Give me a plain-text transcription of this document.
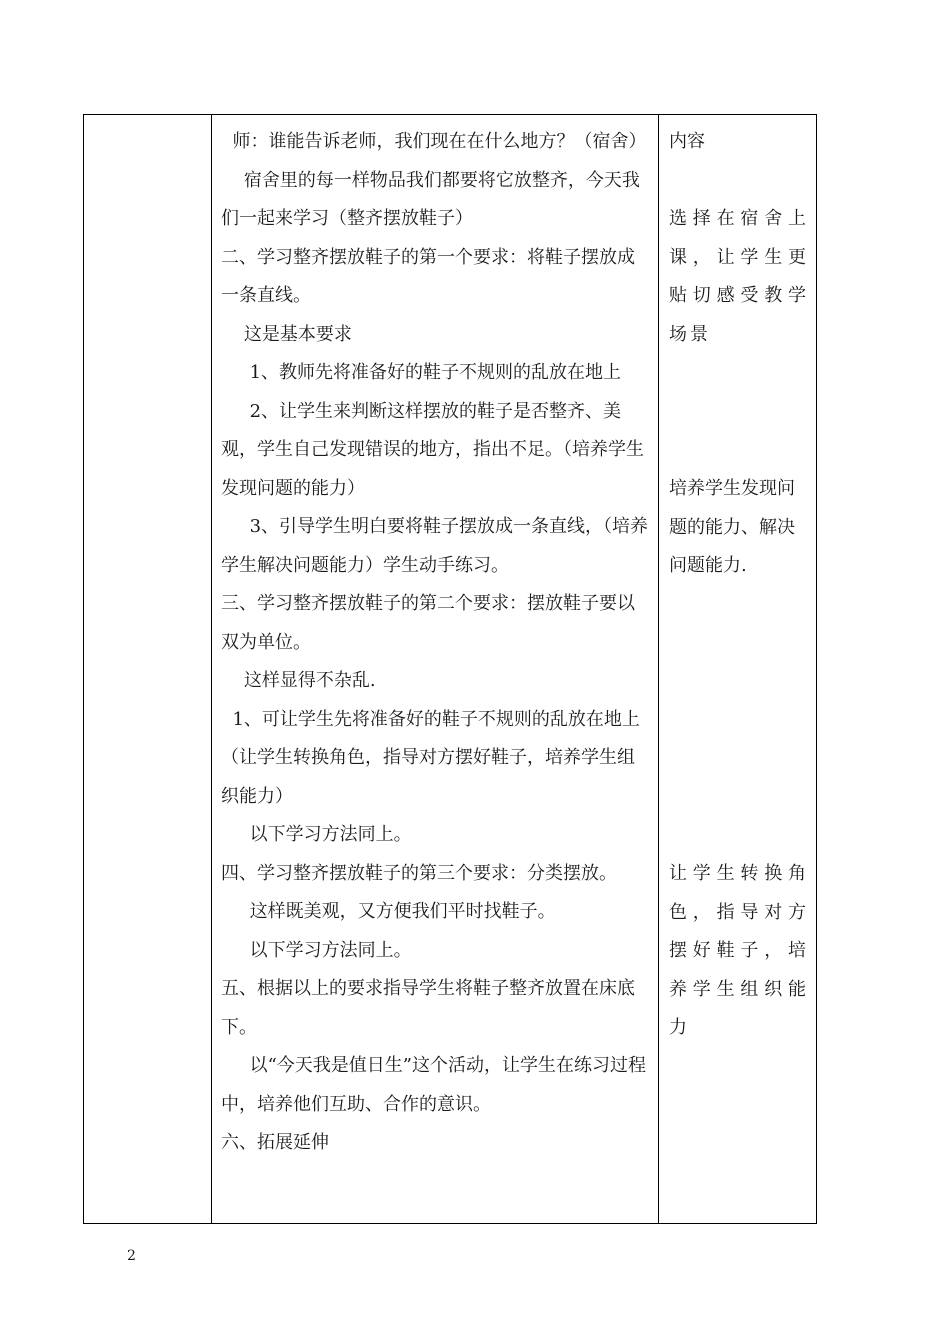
师：谁能告诉老师，我们现在在什么地方？（宿舍）

宿舍里的每一样物品我们都要将它放整齐，今天我们一起来学习（整齐摆放鞋子）

二、学习整齐摆放鞋子的第一个要求：将鞋子摆放成一条直线。

这是基本要求

1、教师先将准备好的鞋子不规则的乱放在地上

2、让学生来判断这样摆放的鞋子是否整齐、美观，学生自己发现错误的地方，指出不足。（培养学生发现问题的能力）

3、引导学生明白要将鞋子摆放成一条直线，（培养学生解决问题能力）学生动手练习。

三、学习整齐摆放鞋子的第二个要求：摆放鞋子要以双为单位。

这样显得不杂乱.

1、可让学生先将准备好的鞋子不规则的乱放在地上（让学生转换角色，指导对方摆好鞋子，培养学生组织能力）

以下学习方法同上。

四、学习整齐摆放鞋子的第三个要求：分类摆放。

这样既美观，又方便我们平时找鞋子。

以下学习方法同上。

五、根据以上的要求指导学生将鞋子整齐放置在床底下。

以“今天我是值日生”这个活动，让学生在练习过程中，培养他们互助、合作的意识。

六、拓展延伸

内容

选择在宿舍上课，让学生更贴切感受教学场景

培养学生发现问题的能力、解决问题能力.

让学生转换角色，指导对方摆好鞋子，培养学生组织能力

2
